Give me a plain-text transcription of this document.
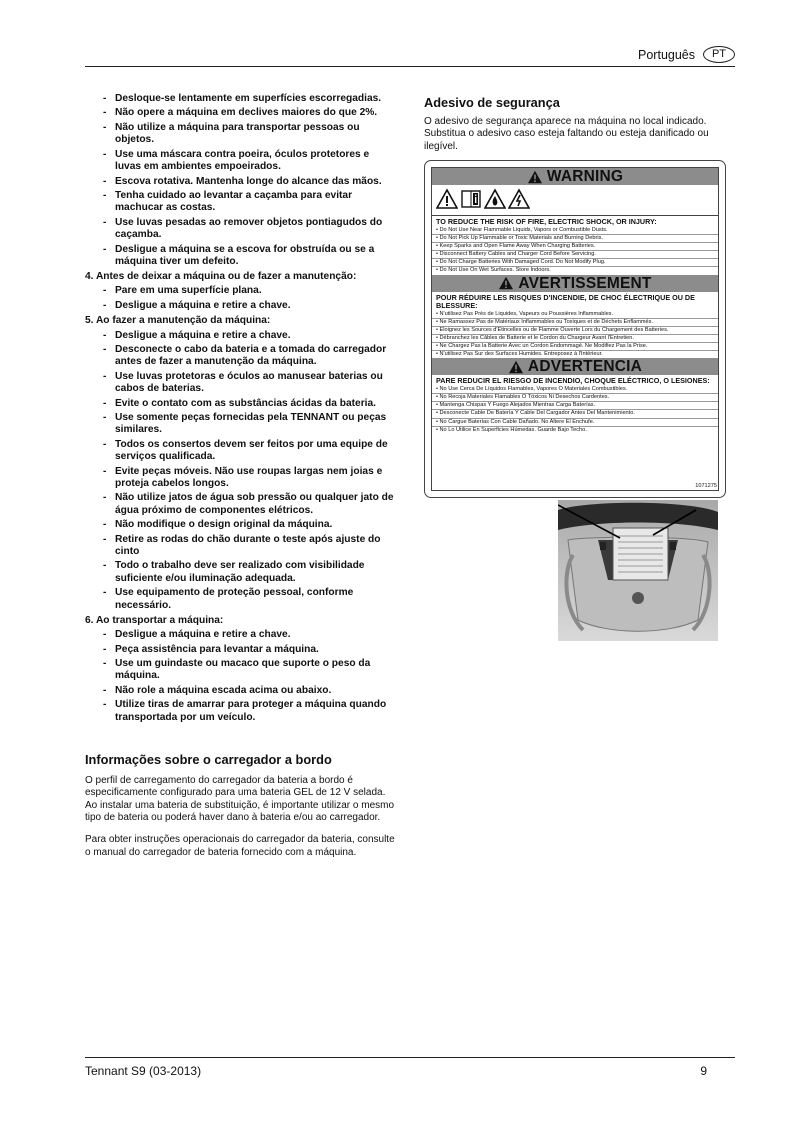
Português	PT
- Desloque-se lentamente em superfícies escorregadias.
- Não opere a máquina em declives maiores do que 2%.
- Não utilize a máquina para transportar pessoas ou objetos.
- Use uma máscara contra poeira, óculos protetores e luvas em ambientes empoeirados.
- Escova rotativa. Mantenha longe do alcance das mãos.
- Tenha cuidado ao levantar a caçamba para evitar machucar as costas.
- Use luvas pesadas ao remover objetos pontiagudos do caçamba.
- Desligue a máquina se a escova for obstruída ou se a máquina tiver um defeito.
4. Antes de deixar a máquina ou de fazer a manutenção:
- Pare em uma superfície plana.
- Desligue a máquina e retire a chave.
5. Ao fazer a manutenção da máquina:
- Desligue a máquina e retire a chave.
- Desconecte o cabo da bateria e a tomada do carregador antes de fazer a manutenção da máquina.
- Use luvas protetoras e óculos ao manusear baterias ou cabos de baterias.
- Evite o contato com as substâncias ácidas da bateria.
- Use somente peças fornecidas pela TENNANT ou peças similares.
- Todos os consertos devem ser feitos por uma equipe de serviços qualificada.
- Evite peças móveis. Não use roupas largas nem joias e proteja cabelos longos.
- Não utilize jatos de água sob pressão ou qualquer jato de água próximo de componentes elétricos.
- Não modifique o design original da máquina.
- Retire as rodas do chão durante o teste após ajuste do cinto
- Todo o trabalho deve ser realizado com visibilidade suficiente e/ou iluminação adequada.
- Use equipamento de proteção pessoal, conforme necessário.
6. Ao transportar a máquina:
- Desligue a máquina e retire a chave.
- Peça assistência para levantar a máquina.
- Use um guindaste ou macaco que suporte o peso da máquina.
- Não role a máquina escada acima ou abaixo.
- Utilize tiras de amarrar para proteger a máquina quando transportada por um veículo.
Informações sobre o carregador a bordo

O perfil de carregamento do carregador da bateria a bordo é especificamente configurado para uma bateria GEL de 12 V selada. Ao instalar uma bateria de substituição, é importante utilizar o mesmo tipo de bateria ou poderá haver dano à bateria e/ou ao carregador.

Para obter instruções operacionais do carregador da bateria, consulte o manual do carregador de bateria fornecido com a máquina.

Adesivo de segurança

O adesivo de segurança aparece na máquina no local indicado. Substitua o adesivo caso esteja faltando ou esteja danificado ou ilegível.

WARNING
TO REDUCE THE RISK OF FIRE, ELECTRIC SHOCK, OR INJURY:
• Do Not Use Near Flammable Liquids, Vapors or Combustible Dusts.
• Do Not Pick Up Flammable or Toxic Materials and Burning Debris.
• Keep Sparks and Open Flame Away When Charging Batteries.
• Disconnect Battery Cables and Charger Cord Before Servicing.
• Do Not Charge Batteries With Damaged Cord. Do Not Modify Plug.
• Do Not Use On Wet Surfaces. Store Indoors.
AVERTISSEMENT
POUR RÉDUIRE LES RISQUES D'INCENDIE, DE CHOC ÉLECTRIQUE OU DE BLESSURE:
• N'utilisez Pas Près de Liquides, Vapeurs ou Poussières Inflammables.
• Ne Ramassez Pas de Matériaux Inflammables ou Toxiques et de Déchets Enflammés.
• Éloignez les Sources d'Étincelles ou de Flamme Ouverte Lors du Chargement des Batteries.
• Débranchez les Câbles de Batterie et le Cordon du Chargeur Avant l'Entretien.
• Ne Chargez Pas la Batterie Avec un Cordon Endommagé. Ne Modifiez Pas la Prise.
• N'utilisez Pas Sur des Surfaces Humides. Entreposez à l'Intérieur.
ADVERTENCIA
PARE REDUCIR EL RIESGO DE INCENDIO, CHOQUE ELÉCTRICO, O LESIONES:
• No Use Cerca De Líquidos Flamables, Vapores Ó Materiales Combustibles.
• No Recoja Materiales Flamables Ó Tóxicos Ni Desechos Cardentes.
• Mantenga Chispas Y Fuego Alejados Mientras Carga Baterías.
• Desconecte Cable De Batería Y Cable Del Cargador Antes Del Mantenimiento.
• No Cargue Baterías Con Cable Dañado. No Altere El Enchufe.
• No Lo Utilice En Superficies Húmedas. Guarde Bajo Techo.
1071275
Tennant S9 (03-2013)	9
